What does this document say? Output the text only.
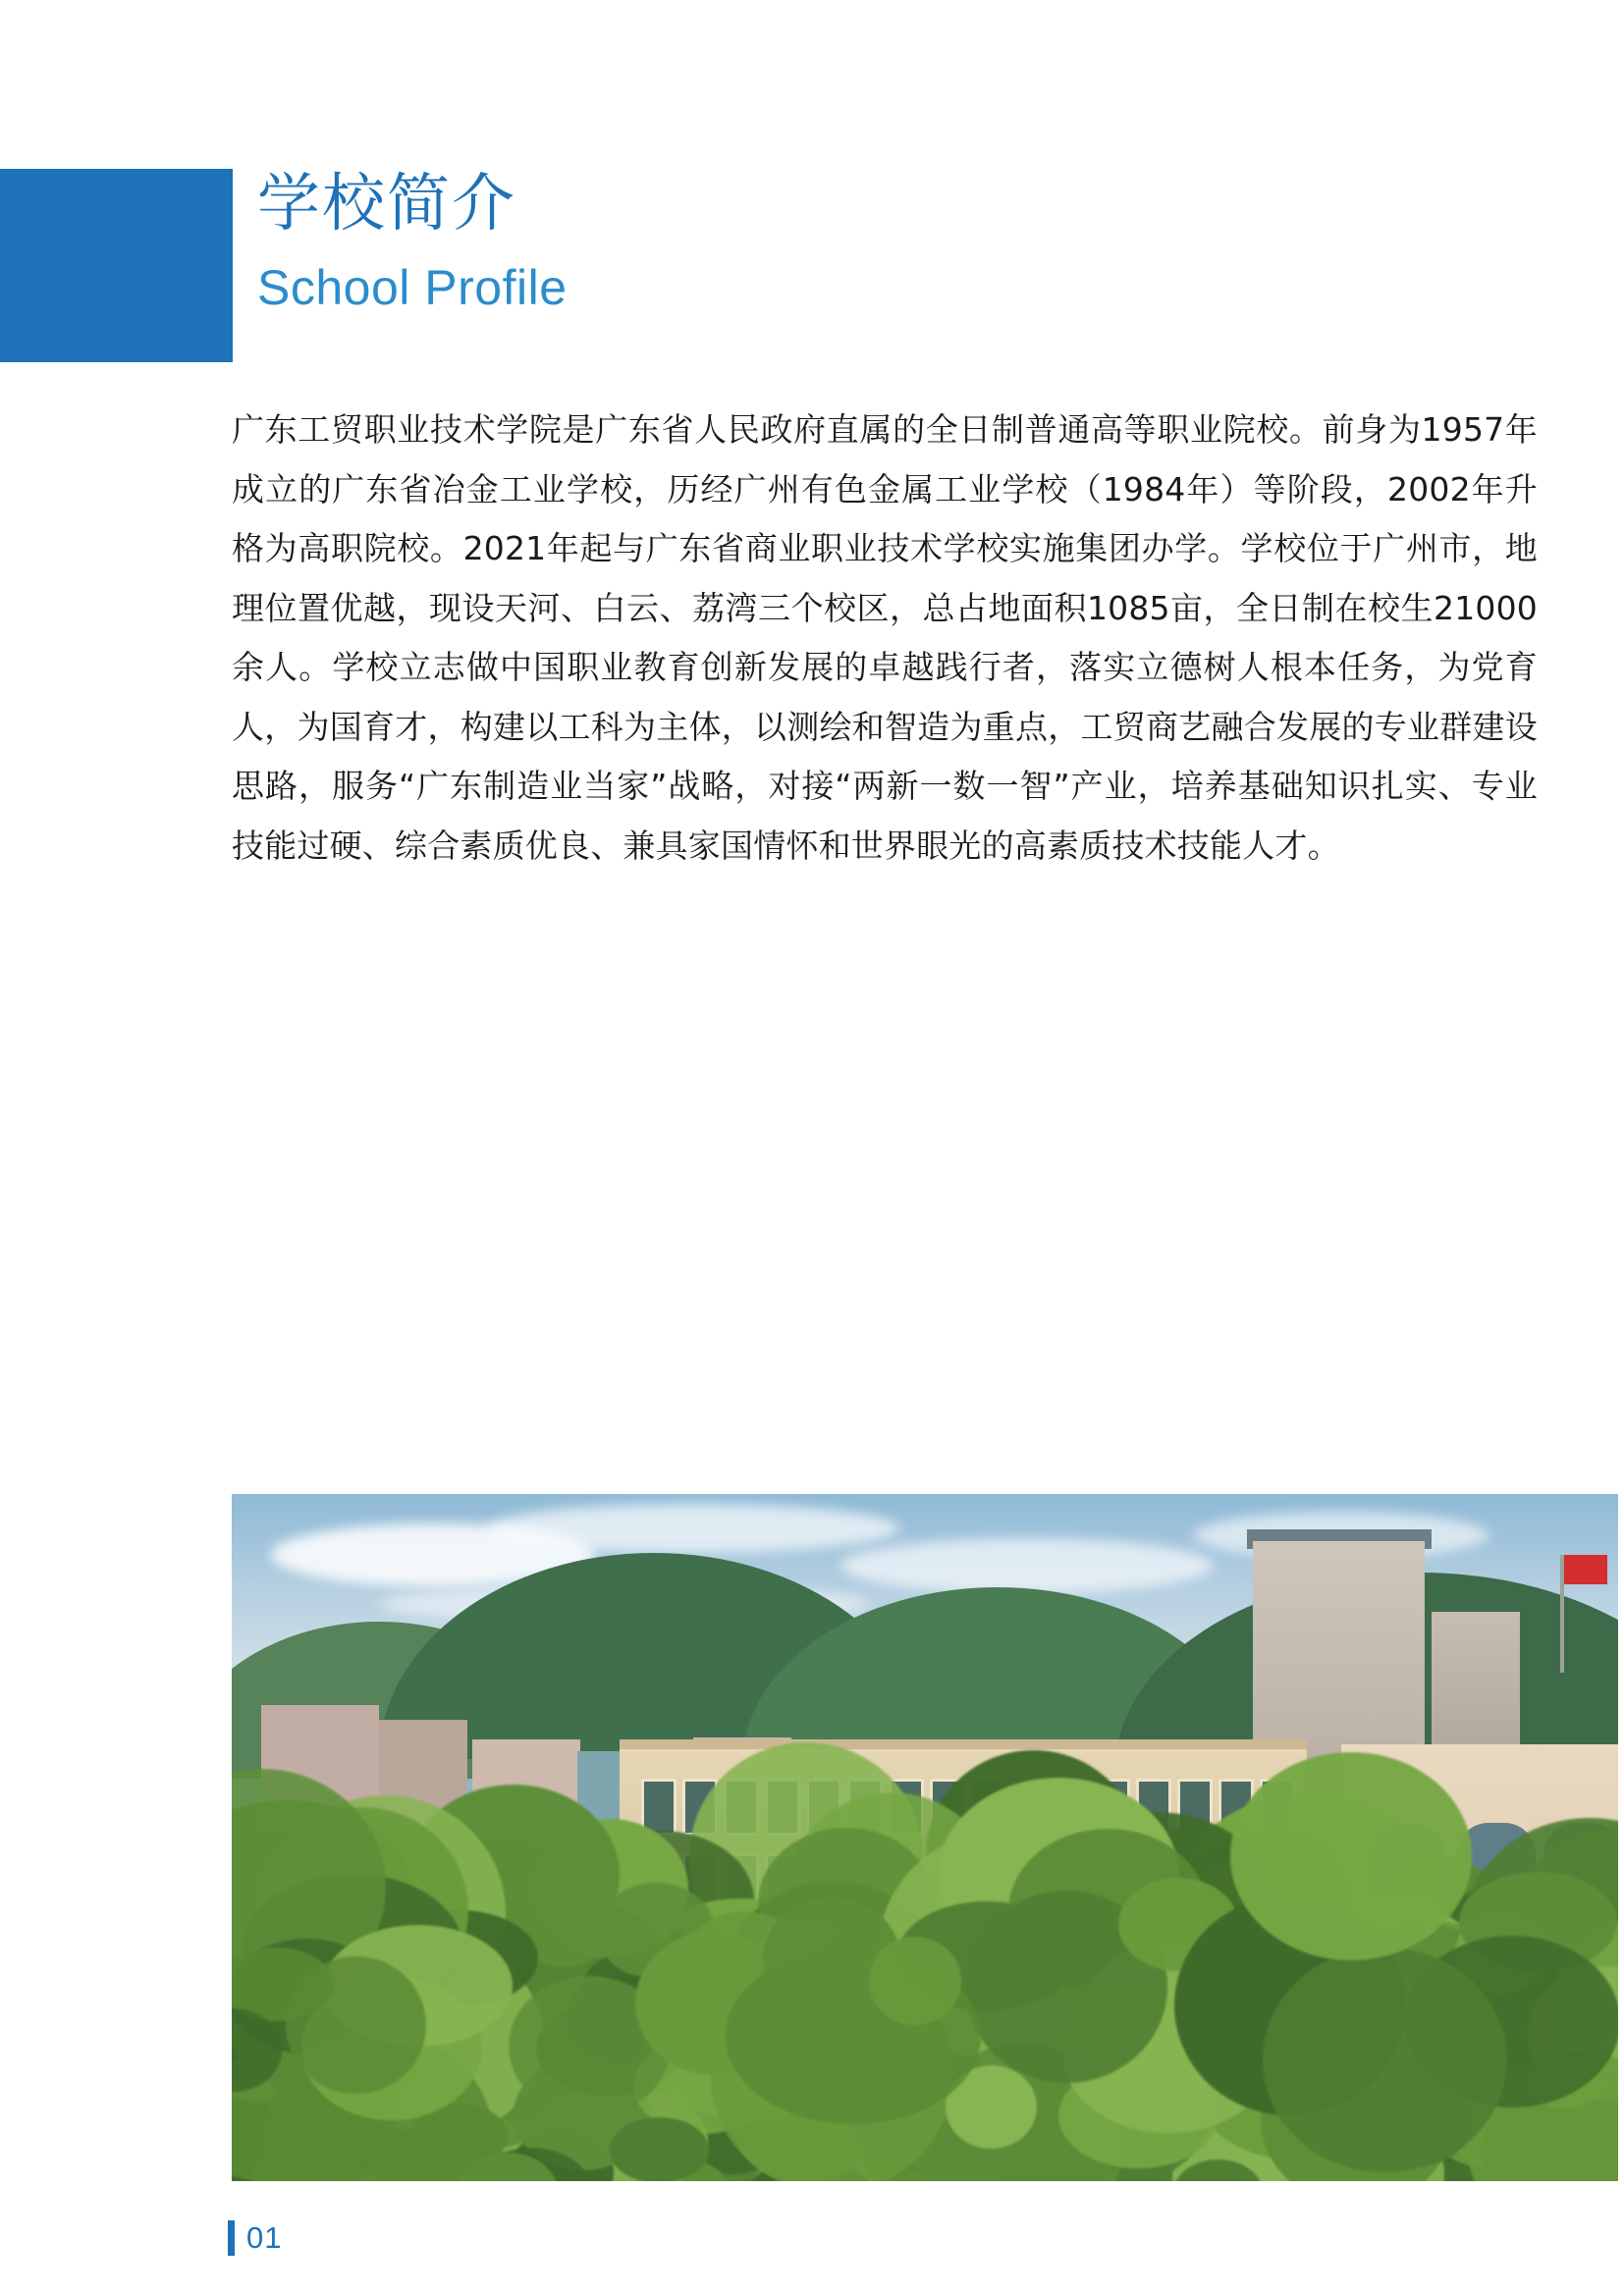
学校简介
School Profile

广东工贸职业技术学院是广东省人民政府直属的全日制普通高等职业院校。前身为1957年成立的广东省冶金工业学校，历经广州有色金属工业学校（1984年）等阶段，2002年升格为高职院校。2021年起与广东省商业职业技术学校实施集团办学。学校位于广州市，地理位置优越，现设天河、白云、荔湾三个校区，总占地面积1085亩，全日制在校生21000余人。学校立志做中国职业教育创新发展的卓越践行者，落实立德树人根本任务，为党育人，为国育才，构建以工科为主体，以测绘和智造为重点，工贸商艺融合发展的专业群建设思路，服务“广东制造业当家”战略，对接“两新一数一智”产业，培养基础知识扎实、专业技能过硬、综合素质优良、兼具家国情怀和世界眼光的高素质技术技能人才。

01
